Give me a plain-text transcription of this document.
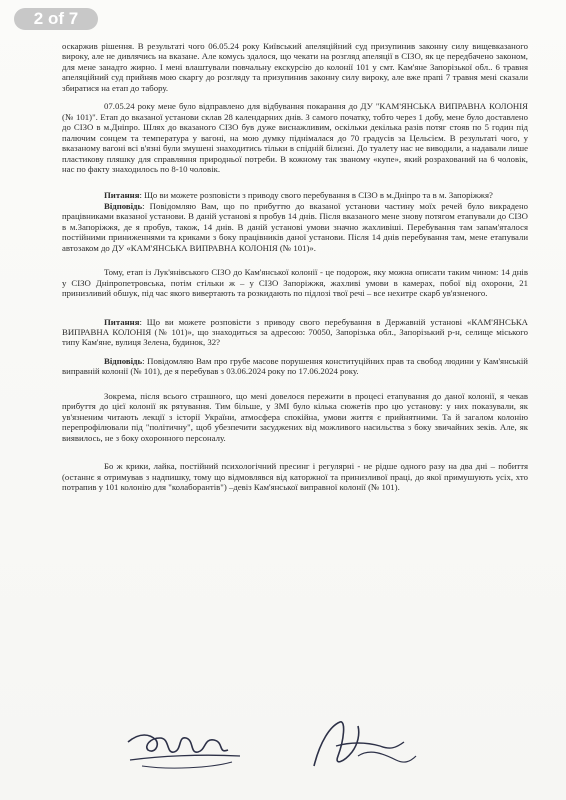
2 of 7

оскаржив рішення. В результаті чого 06.05.24 року Київський апеляційний суд призупинив законну силу вищевказаного вироку, але не дивлячись на вказане. Але комусь здалося, що чекати на розгляд апеляції в СІЗО, як це передбачено законом, для мене занадто жирно. І мені влаштували повчальну екскурсію до колонії 101 у смт. Кам'яне Запорізької обл.. 6 травня апеляційний суд прийняв мою скаргу до розгляду та призупинив законну силу вироку, але вже прапі 7 травня мені сказали збиратися на етап до табору.

07.05.24 року мене було відправлено для відбування покарання до ДУ "КАМ'ЯНСЬКА ВИПРАВНА КОЛОНІЯ (№ 101)". Етап до вказаної установи склав 28 календарних днів. З самого початку, тобто через 1 добу, мене було доставлено до СІЗО в м.Дніпро. Шлях до вказаного СІЗО був дуже виснажливим, оскільки декілька разів потяг стояв по 5 годин під палючим сонцем та температура у вагоні, на мою думку піднімалася до 70 градусів за Цельсієм. В результаті чого, у вказаному вагоні всі в'язні були змушені знаходитись тільки в спідній білизні. До туалету нас не виводили, а надавали лише пластикову пляшку для справляння природньої потреби. В кожному так званому «купе», який розрахований на 6 чоловік, нас по факту знаходилось по 8-10 чоловік.

Питання: Що ви можете розповісти з приводу свого перебування в СІЗО в м.Дніпро та в м. Запоріжжя?

Відповідь: Повідомляю Вам, що по прибуттю до вказаної установи частину моїх речей було викрадено працівниками вказаної установи. В даній установі я пробув 14 днів. Після вказаного мене знову потягом етапували до СІЗО в м.Запоріжжя, де я пробув, також, 14 днів. В даній установі умови значно жахливіші. Перебування там запам'яталося постійними приниженнями та криками з боку працівників даної установи. Після 14 днів перебування там, мене етапували автозаком до ДУ «КАМ'ЯНСЬКА ВИПРАВНА КОЛОНІЯ (№ 101)».

Тому, етап із Лук'янівського СІЗО до Кам'янської колонії - це подорож, яку можна описати таким чином: 14 днів у СІЗО Дніпропетровська, потім стільки ж – у СІЗО Запоріжжя, жахливі умови в камерах, побої від охорони, 21 принизливий обшук, під час якого вивертають та розкидають по підлозі твої речі – все нехитре скарб ув'язненого.

Питання: Що ви можете розповісти з приводу свого перебування в Державній установі «КАМ'ЯНСЬКА ВИПРАВНА КОЛОНІЯ (№ 101)», що знаходиться за адресою: 70050, Запорізька обл., Запорізький р-н, селище міського типу Кам'яне, вулиця Зелена, будинок, 32?

Відповідь: Повідомляю Вам про грубе масове порушення конституційних прав та свобод людини у Кам'янській виправній колонії (№ 101), де я перебував з 03.06.2024 року по 17.06.2024 року.

Зокрема, після всього страшного, що мені довелося пережити в процесі етапування до даної колонії, я чекав прибуття до цієї колонії як рятування. Тим більше, у ЗМІ було кілька сюжетів про цю установу: у них показували, як ув'язненим читають лекції з історії України, атмосфера спокійна, умови життя є прийнятними. Та й загалом колонію перепрофілювали під "політичну", щоб убезпечити засуджених від можливого насильства з боку звичайних зеків. Але, як виявилось, не з боку охоронного персоналу.

Бо ж крики, лайка, постійний психологічний пресинг і регулярні - не рідше одного разу на два дні – побиття (останнє я отримував з надпишку, тому що відмовлявся від каторжної та принизливої праці, до якої примушують усіх, хто потрапив у 101 колонію для "колаборантів") –девіз Кам'янської виправної колонії (№ 101).
